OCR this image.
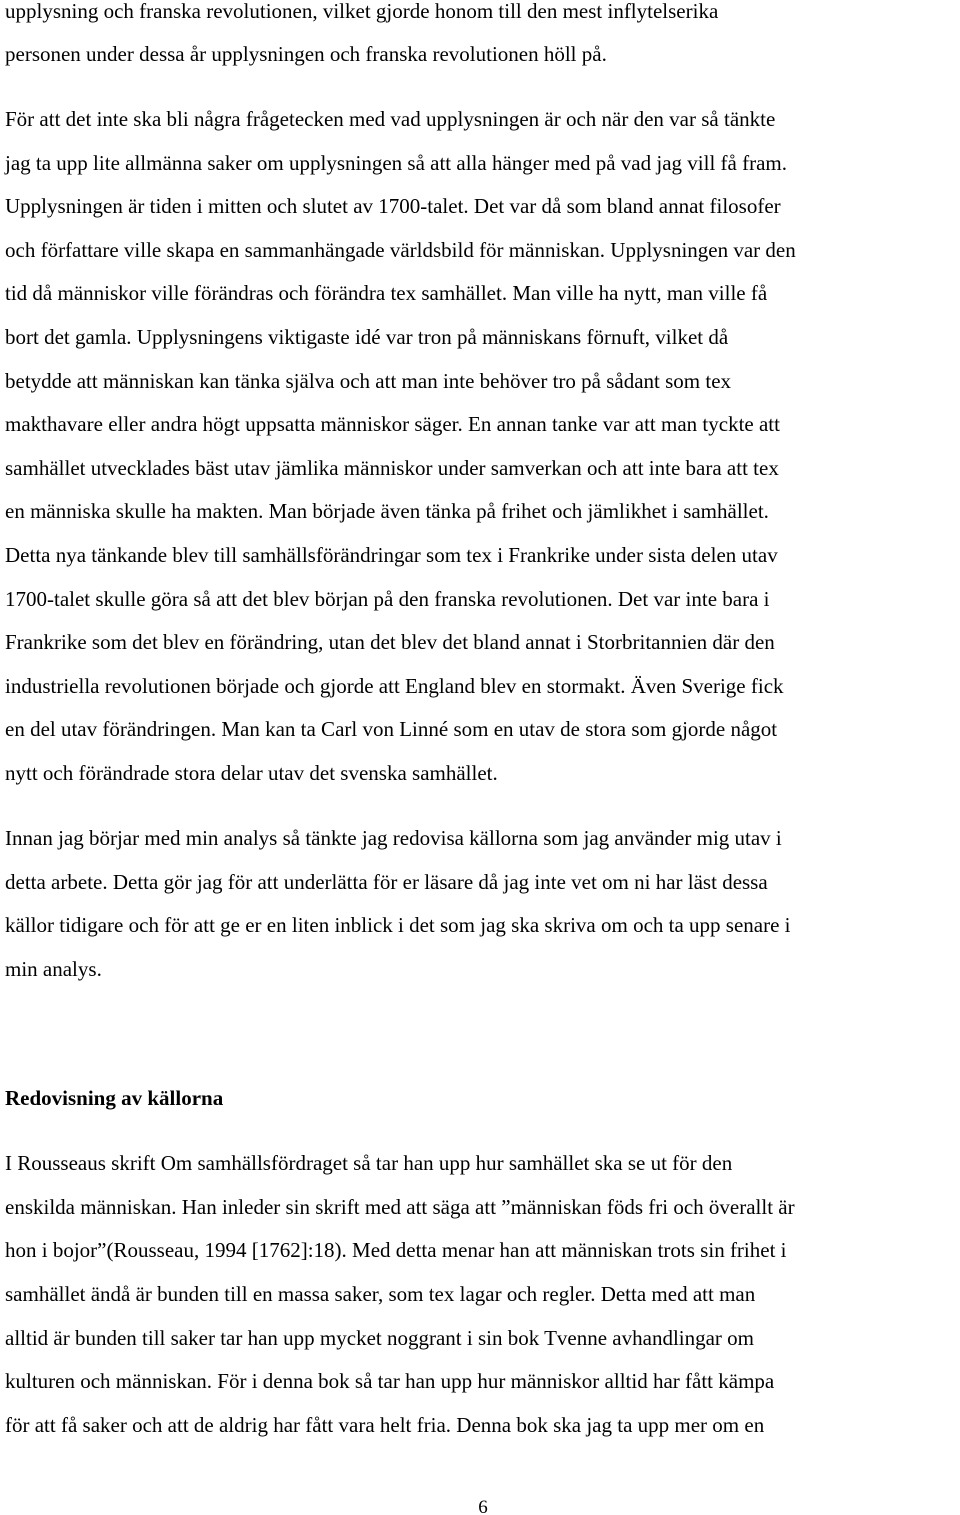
upplysning och franska revolutionen, vilket gjorde honom till den mest inflytelserika

personen under dessa år upplysningen och franska revolutionen höll på.

För att det inte ska bli några frågetecken med vad upplysningen är och när den var så tänkte

jag ta upp lite allmänna saker om upplysningen så att alla hänger med på vad jag vill få fram.

Upplysningen är tiden i mitten och slutet av 1700-talet. Det var då som bland annat filosofer

och författare ville skapa en sammanhängade världsbild för människan. Upplysningen var den

tid då människor ville förändras och förändra tex samhället. Man ville ha nytt, man ville få

bort det gamla. Upplysningens viktigaste idé var tron på människans förnuft, vilket då

betydde att människan kan tänka själva och att man inte behöver tro på sådant som tex

makthavare eller andra högt uppsatta människor säger. En annan tanke var att man tyckte att

samhället utvecklades bäst utav jämlika människor under samverkan och att inte bara att tex

en människa skulle ha makten. Man började även tänka på frihet och jämlikhet i samhället.

Detta nya tänkande blev till samhällsförändringar som tex i Frankrike under sista delen utav

1700-talet skulle göra så att det blev början på den franska revolutionen. Det var inte bara i

Frankrike som det blev en förändring, utan det blev det bland annat i Storbritannien där den

industriella revolutionen började och gjorde att England blev en stormakt. Även Sverige fick

en del utav förändringen. Man kan ta Carl von Linné som en utav de stora som gjorde något

nytt och förändrade stora delar utav det svenska samhället.

Innan jag börjar med min analys så tänkte jag redovisa källorna som jag använder mig utav i

detta arbete. Detta gör jag för att underlätta för er läsare då jag inte vet om ni har läst dessa

källor tidigare och för att ge er en liten inblick i det som jag ska skriva om och ta upp senare i

min analys.

Redovisning av källorna

I Rousseaus skrift Om samhällsfördraget så tar han upp hur samhället ska se ut för den

enskilda människan. Han inleder sin skrift med att säga att ”människan föds fri och överallt är

hon i bojor”(Rousseau, 1994 [1762]:18). Med detta menar han att människan trots sin frihet i

samhället ändå är bunden till en massa saker, som tex lagar och regler. Detta med att man

alltid är bunden till saker tar han upp mycket noggrant i sin bok Tvenne avhandlingar om

kulturen och människan. För i denna bok så tar han upp hur människor alltid har fått kämpa

för att få saker och att de aldrig har fått vara helt fria. Denna bok ska jag ta upp mer om en

6
